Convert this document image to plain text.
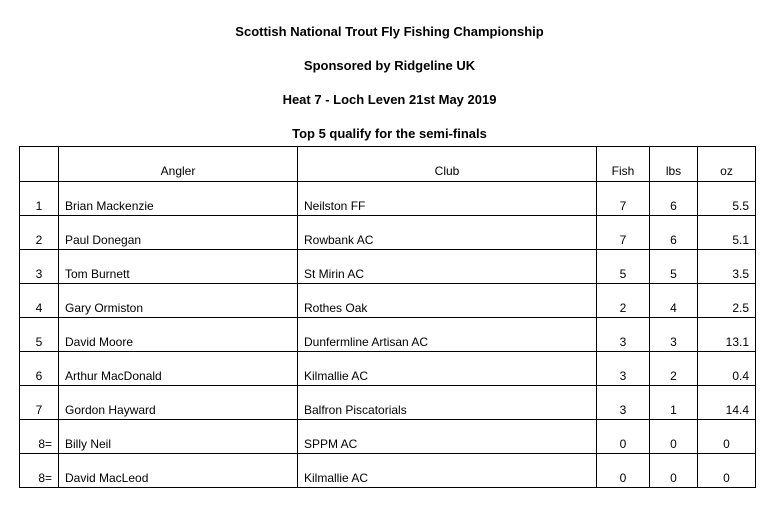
Scottish National Trout Fly Fishing Championship
Sponsored by Ridgeline UK
Heat 7 - Loch Leven 21st May 2019
Top 5 qualify for the semi-finals
	Angler	Club	Fish	lbs	oz
1	Brian Mackenzie	Neilston FF	7	6	5.5
2	Paul Donegan	Rowbank AC	7	6	5.1
3	Tom Burnett	St Mirin AC	5	5	3.5
4	Gary Ormiston	Rothes Oak	2	4	2.5
5	David Moore	Dunfermline Artisan AC	3	3	13.1
6	Arthur MacDonald	Kilmallie AC	3	2	0.4
7	Gordon Hayward	Balfron Piscatorials	3	1	14.4
8=	Billy Neil	SPPM AC	0	0	0
8=	David MacLeod	Kilmallie AC	0	0	0
